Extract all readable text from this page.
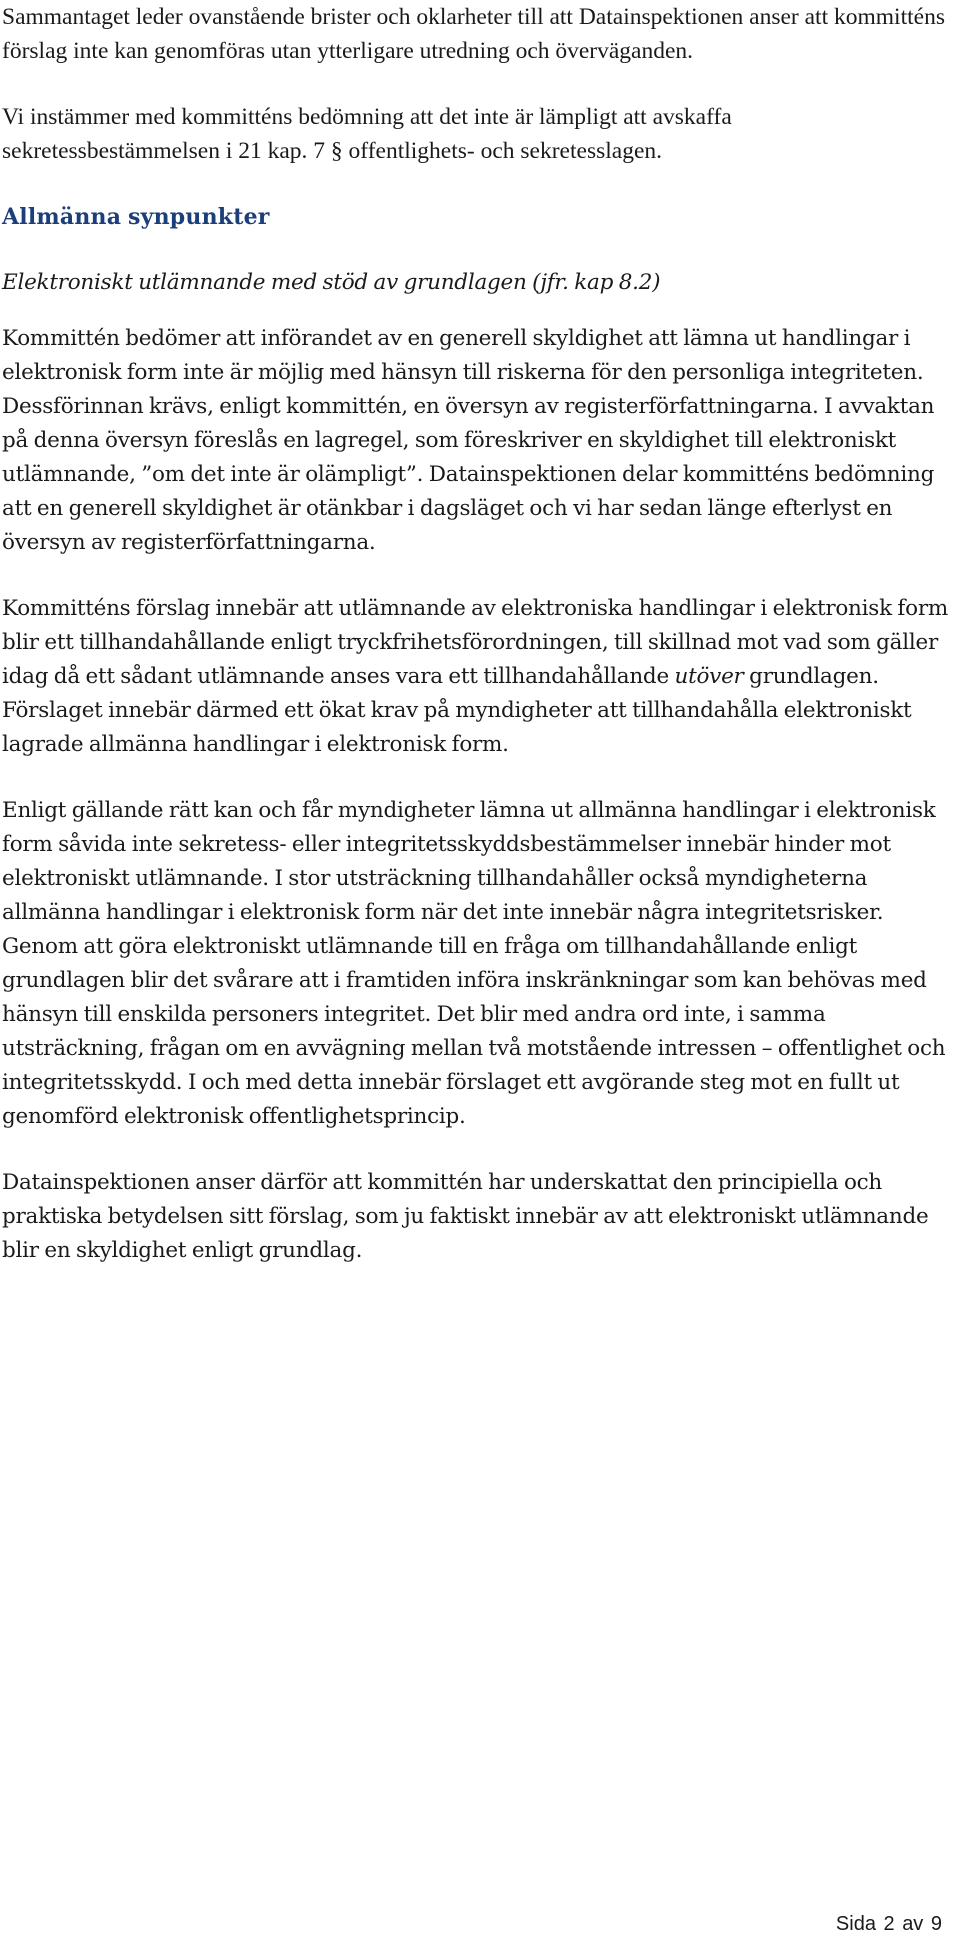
Sammantaget leder ovanstående brister och oklarheter till att Datainspektionen anser att kommitténs förslag inte kan genomföras utan ytterligare utredning och överväganden.

Vi instämmer med kommitténs bedömning att det inte är lämpligt att avskaffa sekretessbestämmelsen i 21 kap. 7 § offentlighets- och sekretesslagen.

Allmänna synpunkter

Elektroniskt utlämnande med stöd av grundlagen (jfr. kap 8.2)

Kommittén bedömer att införandet av en generell skyldighet att lämna ut handlingar i elektronisk form inte är möjlig med hänsyn till riskerna för den personliga integriteten. Dessförinnan krävs, enligt kommittén, en översyn av registerförfattningarna. I avvaktan på denna översyn föreslås en lagregel, som föreskriver en skyldighet till elektroniskt utlämnande, ”om det inte är olämpligt”. Datainspektionen delar kommitténs bedömning att en generell skyldighet är otänkbar i dagsläget och vi har sedan länge efterlyst en översyn av registerförfattningarna.

Kommitténs förslag innebär att utlämnande av elektroniska handlingar i elektronisk form blir ett tillhandahållande enligt tryckfrihetsförordningen, till skillnad mot vad som gäller idag då ett sådant utlämnande anses vara ett tillhandahållande utöver grundlagen. Förslaget innebär därmed ett ökat krav på myndigheter att tillhandahålla elektroniskt lagrade allmänna handlingar i elektronisk form.

Enligt gällande rätt kan och får myndigheter lämna ut allmänna handlingar i elektronisk form såvida inte sekretess- eller integritetsskyddsbestämmelser innebär hinder mot elektroniskt utlämnande. I stor utsträckning tillhandahåller också myndigheterna allmänna handlingar i elektronisk form när det inte innebär några integritetsrisker. Genom att göra elektroniskt utlämnande till en fråga om tillhandahållande enligt grundlagen blir det svårare att i framtiden införa inskränkningar som kan behövas med hänsyn till enskilda personers integritet. Det blir med andra ord inte, i samma utsträckning, frågan om en avvägning mellan två motstående intressen – offentlighet och integritetsskydd. I och med detta innebär förslaget ett avgörande steg mot en fullt ut genomförd elektronisk offentlighetsprincip.

Datainspektionen anser därför att kommittén har underskattat den principiella och praktiska betydelsen sitt förslag, som ju faktiskt innebär av att elektroniskt utlämnande blir en skyldighet enligt grundlag.

Sida 2 av 9
